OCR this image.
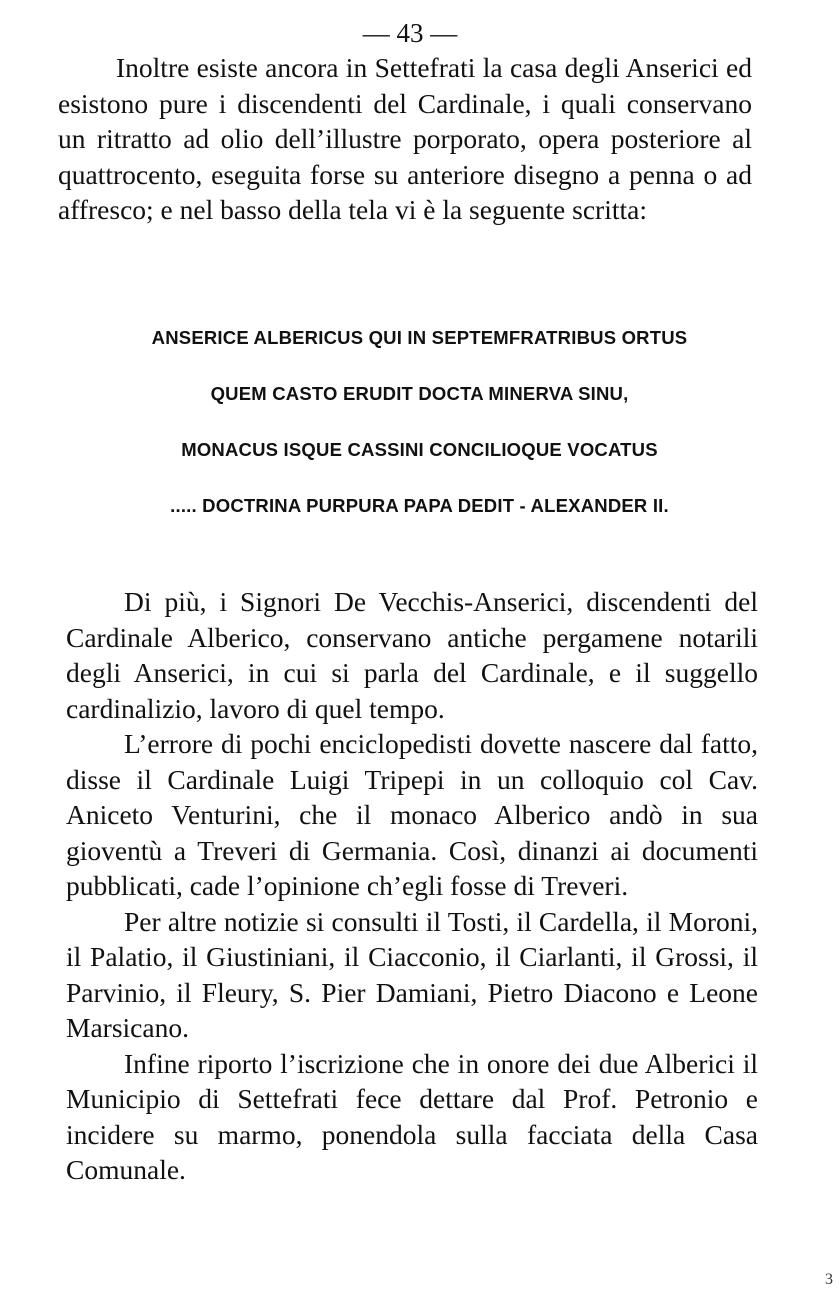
— 43 —

Inoltre esiste ancora in Settefrati la casa degli Anserici ed esistono pure i discendenti del Cardinale, i quali conservano un ritratto ad olio dell’illustre porporato, opera posteriore al quattrocento, eseguita forse su anteriore disegno a penna o ad affresco; e nel basso della tela vi è la seguente scritta:

ANSERICE ALBERICUS QUI IN SEPTEMFRATRIBUS ORTUS
QUEM CASTO ERUDIT DOCTA MINERVA SINU,
MONACUS ISQUE CASSINI CONCILIOQUE VOCATUS
..... DOCTRINA PURPURA PAPA DEDIT - ALEXANDER II.

Di più, i Signori De Vecchis-Anserici, discendenti del Cardinale Alberico, conservano antiche pergamene notarili degli Anserici, in cui si parla del Cardinale, e il suggello cardinalizio, lavoro di quel tempo.

L’errore di pochi enciclopedisti dovette nascere dal fatto, disse il Cardinale Luigi Tripepi in un colloquio col Cav. Aniceto Venturini, che il monaco Alberico andò in sua gioventù a Treveri di Germania. Così, dinanzi ai documenti pubblicati, cade l’opinione ch’egli fosse di Treveri.

Per altre notizie si consulti il Tosti, il Cardella, il Moroni, il Palatio, il Giustiniani, il Ciacconio, il Ciarlanti, il Grossi, il Parvinio, il Fleury, S. Pier Damiani, Pietro Diacono e Leone Marsicano.

Infine riporto l’iscrizione che in onore dei due Alberici il Municipio di Settefrati fece dettare dal Prof. Petronio e incidere su marmo, ponendola sulla facciata della Casa Comunale.

3
